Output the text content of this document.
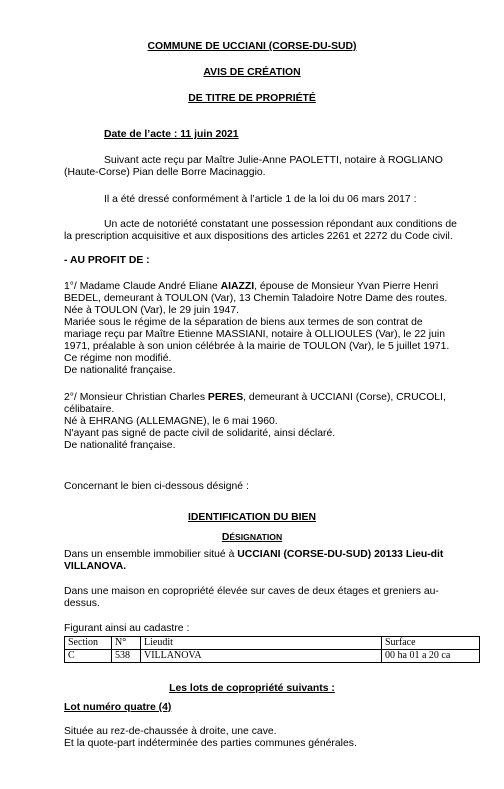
COMMUNE DE UCCIANI (CORSE-DU-SUD)
AVIS DE CRÉATION
DE TITRE DE PROPRIÉTÉ
Date de l’acte : 11 juin 2021
Suivant acte reçu par Maître Julie-Anne PAOLETTI, notaire à ROGLIANO
(Haute-Corse) Pian delle Borre Macinaggio.
Il a été dressé conformément à l’article 1 de la loi du 06 mars 2017 :
Un acte de notoriété constatant une possession répondant aux conditions de
la prescription acquisitive et aux dispositions des articles 2261 et 2272 du Code civil.
- AU PROFIT DE :
1°/ Madame Claude André Eliane AIAZZI, épouse de Monsieur Yvan Pierre Henri
BEDEL, demeurant à TOULON (Var), 13 Chemin Taladoire Notre Dame des routes.
Née à TOULON (Var), le 29 juin 1947.
Mariée sous le régime de la séparation de biens aux termes de son contrat de
mariage reçu par Maître Etienne MASSIANI, notaire à OLLIOULES (Var), le 22 juin
1971, préalable à son union célébrée à la mairie de TOULON (Var), le 5 juillet 1971.
Ce régime non modifié.
De nationalité française.
2°/ Monsieur Christian Charles PERES, demeurant à UCCIANI (Corse), CRUCOLI,
célibataire.
Né à EHRANG (ALLEMAGNE), le 6 mai 1960.
N'ayant pas signé de pacte civil de solidarité, ainsi déclaré.
De nationalité française.
Concernant le bien ci-dessous désigné :
IDENTIFICATION DU BIEN
DÉSIGNATION
Dans un ensemble immobilier situé à UCCIANI (CORSE-DU-SUD) 20133 Lieu-dit
VILLANOVA.
Dans une maison en copropriété élevée sur caves de deux étages et greniers au-
dessus.
Figurant ainsi au cadastre :
Section	N°	Lieudit	Surface
C	538	VILLANOVA	00 ha 01 a 20 ca
Les lots de copropriété suivants :
Lot numéro quatre (4)
Située au rez-de-chaussée à droite, une cave.
Et la quote-part indéterminée des parties communes générales.
